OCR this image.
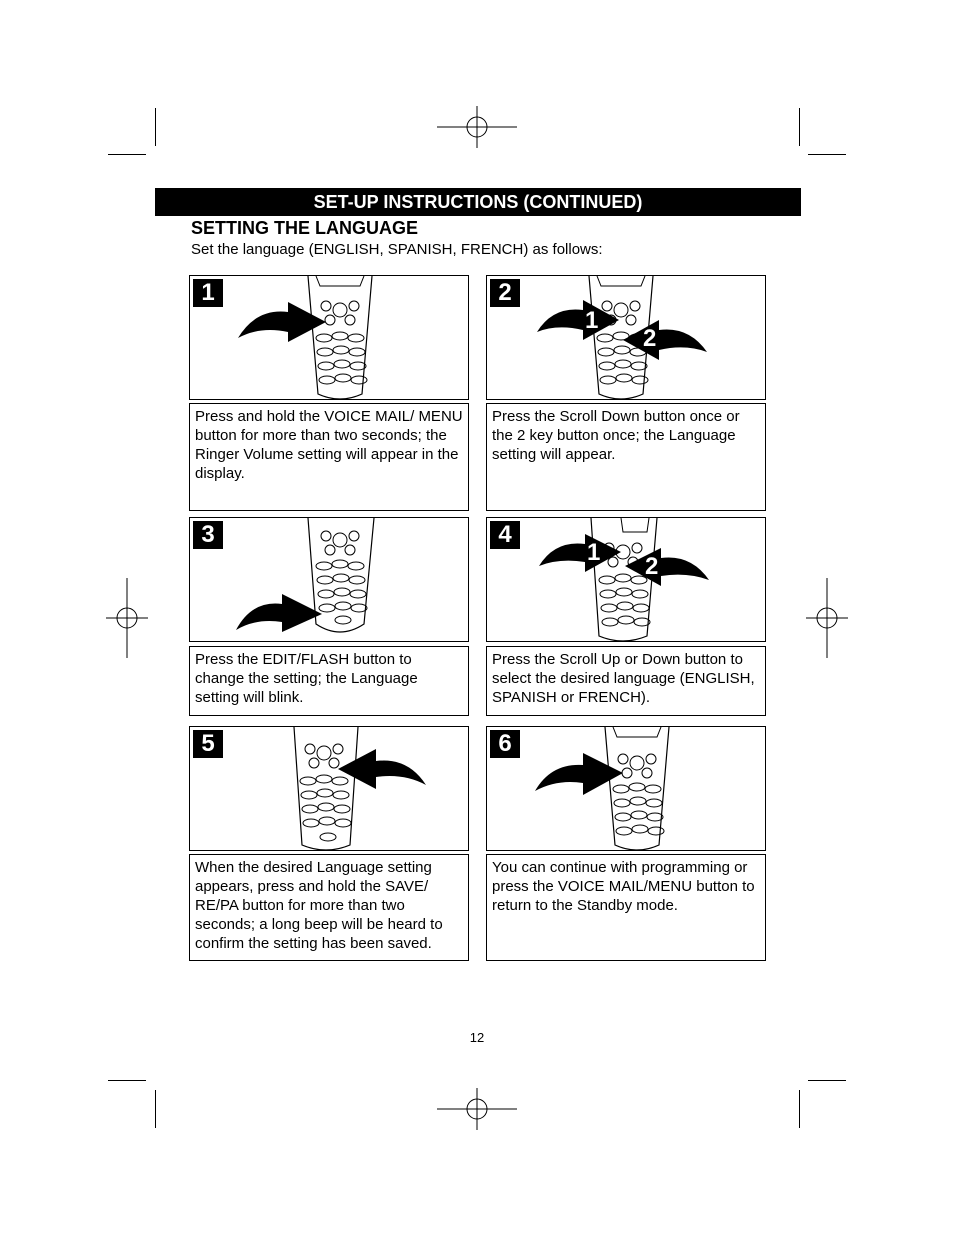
SET-UP INSTRUCTIONS (CONTINUED)
SETTING THE LANGUAGE
Set the language (ENGLISH, SPANISH, FRENCH) as follows:
1
Press and hold the VOICE MAIL/ MENU button for more than two seconds; the Ringer Volume setting will appear in the display.
1
2
2
Press the Scroll Down button once or the 2 key button once; the Language setting will appear.
3
Press the EDIT/FLASH button to change the setting; the Language setting will blink.
1
2
4
Press the Scroll Up or Down button to select the desired language (ENGLISH, SPANISH or FRENCH).
5
When the desired Language setting appears, press and hold the SAVE/ RE/PA button for more than two seconds; a long beep will be heard to confirm the setting has been saved.
6
You can continue with programming or press the VOICE MAIL/MENU button to return to the Standby mode.
12
